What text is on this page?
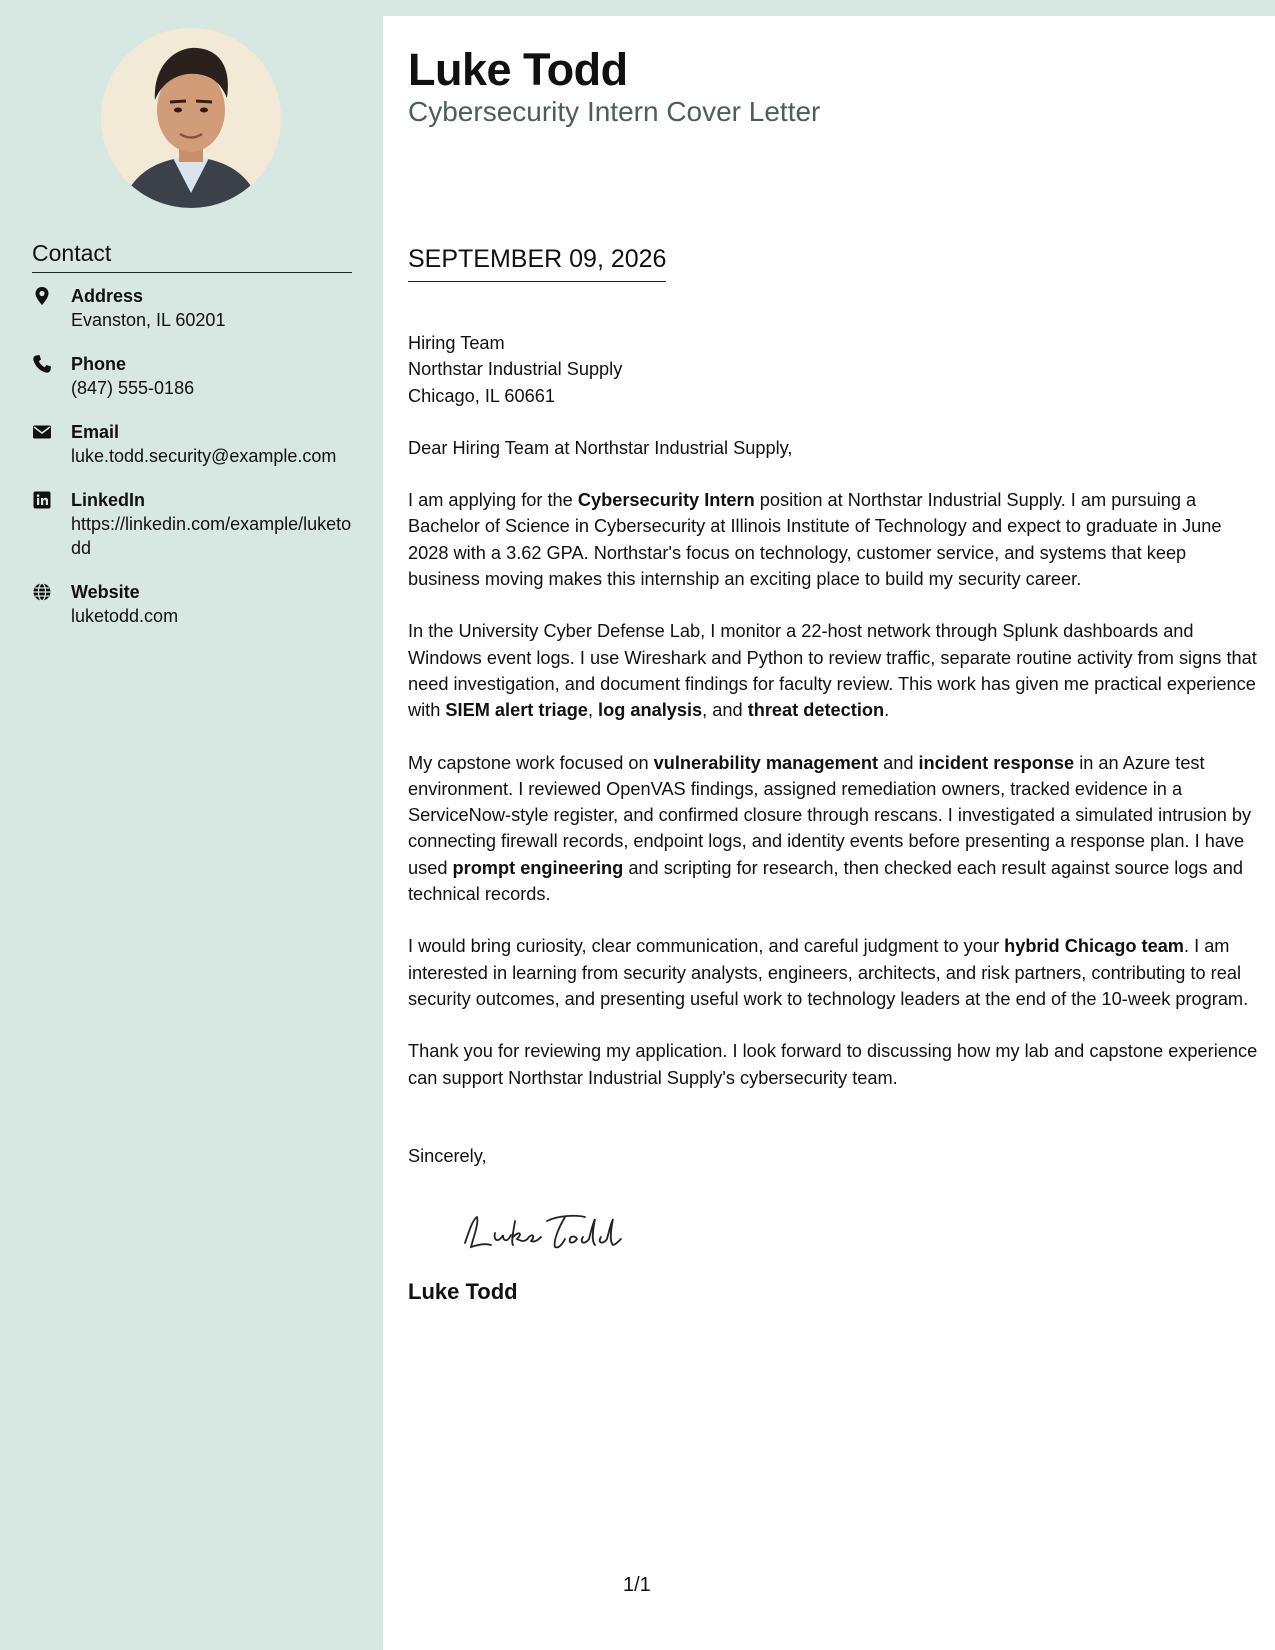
Contact
Address
Evanston, IL 60201
Phone
(847) 555-0186
Email
luke.todd.security@example.com
LinkedIn
https://linkedin.com/example/luketodd
Website
luketodd.com
Luke Todd
Cybersecurity Intern Cover Letter
SEPTEMBER 09, 2026

Hiring Team
Northstar Industrial Supply
Chicago, IL 60661

Dear Hiring Team at Northstar Industrial Supply,

I am applying for the Cybersecurity Intern position at Northstar Industrial Supply. I am pursuing a Bachelor of Science in Cybersecurity at Illinois Institute of Technology and expect to graduate in June 2028 with a 3.62 GPA. Northstar's focus on technology, customer service, and systems that keep business moving makes this internship an exciting place to build my security career.

In the University Cyber Defense Lab, I monitor a 22-host network through Splunk dashboards and Windows event logs. I use Wireshark and Python to review traffic, separate routine activity from signs that need investigation, and document findings for faculty review. This work has given me practical experience with SIEM alert triage, log analysis, and threat detection.

My capstone work focused on vulnerability management and incident response in an Azure test environment. I reviewed OpenVAS findings, assigned remediation owners, tracked evidence in a ServiceNow-style register, and confirmed closure through rescans. I investigated a simulated intrusion by connecting firewall records, endpoint logs, and identity events before presenting a response plan. I have used prompt engineering and scripting for research, then checked each result against source logs and technical records.

I would bring curiosity, clear communication, and careful judgment to your hybrid Chicago team. I am interested in learning from security analysts, engineers, architects, and risk partners, contributing to real security outcomes, and presenting useful work to technology leaders at the end of the 10-week program.

Thank you for reviewing my application. I look forward to discussing how my lab and capstone experience can support Northstar Industrial Supply's cybersecurity team.

Sincerely,

Luke Todd
1/1
